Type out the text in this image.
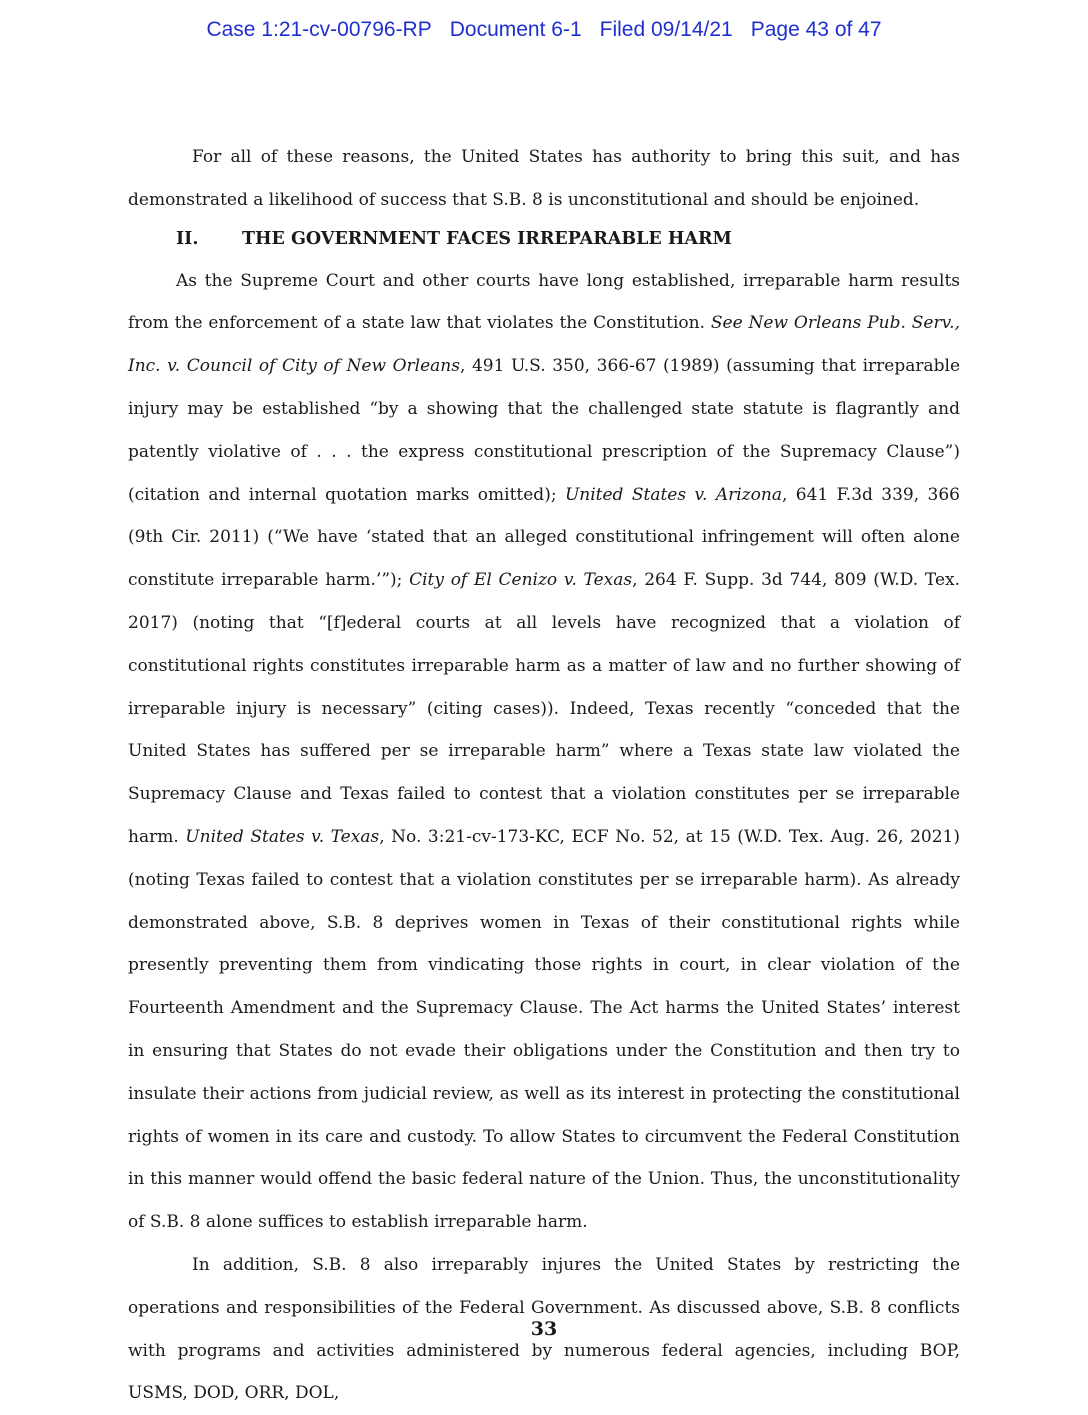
Case 1:21-cv-00796-RP Document 6-1 Filed 09/14/21 Page 43 of 47

For all of these reasons, the United States has authority to bring this suit, and has demonstrated a likelihood of success that S.B. 8 is unconstitutional and should be enjoined.

II. THE GOVERNMENT FACES IRREPARABLE HARM

As the Supreme Court and other courts have long established, irreparable harm results from the enforcement of a state law that violates the Constitution. See New Orleans Pub. Serv., Inc. v. Council of City of New Orleans, 491 U.S. 350, 366-67 (1989) (assuming that irreparable injury may be established “by a showing that the challenged state statute is flagrantly and patently violative of . . . the express constitutional prescription of the Supremacy Clause”) (citation and internal quotation marks omitted); United States v. Arizona, 641 F.3d 339, 366 (9th Cir. 2011) (“We have ‘stated that an alleged constitutional infringement will often alone constitute irreparable harm.’”); City of El Cenizo v. Texas, 264 F. Supp. 3d 744, 809 (W.D. Tex. 2017) (noting that “[f]ederal courts at all levels have recognized that a violation of constitutional rights constitutes irreparable harm as a matter of law and no further showing of irreparable injury is necessary” (citing cases)). Indeed, Texas recently “conceded that the United States has suffered per se irreparable harm” where a Texas state law violated the Supremacy Clause and Texas failed to contest that a violation constitutes per se irreparable harm. United States v. Texas, No. 3:21-cv-173-KC, ECF No. 52, at 15 (W.D. Tex. Aug. 26, 2021) (noting Texas failed to contest that a violation constitutes per se irreparable harm). As already demonstrated above, S.B. 8 deprives women in Texas of their constitutional rights while presently preventing them from vindicating those rights in court, in clear violation of the Fourteenth Amendment and the Supremacy Clause. The Act harms the United States’ interest in ensuring that States do not evade their obligations under the Constitution and then try to insulate their actions from judicial review, as well as its interest in protecting the constitutional rights of women in its care and custody. To allow States to circumvent the Federal Constitution in this manner would offend the basic federal nature of the Union. Thus, the unconstitutionality of S.B. 8 alone suffices to establish irreparable harm.

In addition, S.B. 8 also irreparably injures the United States by restricting the operations and responsibilities of the Federal Government. As discussed above, S.B. 8 conflicts with programs and activities administered by numerous federal agencies, including BOP, USMS, DOD, ORR, DOL,

33
